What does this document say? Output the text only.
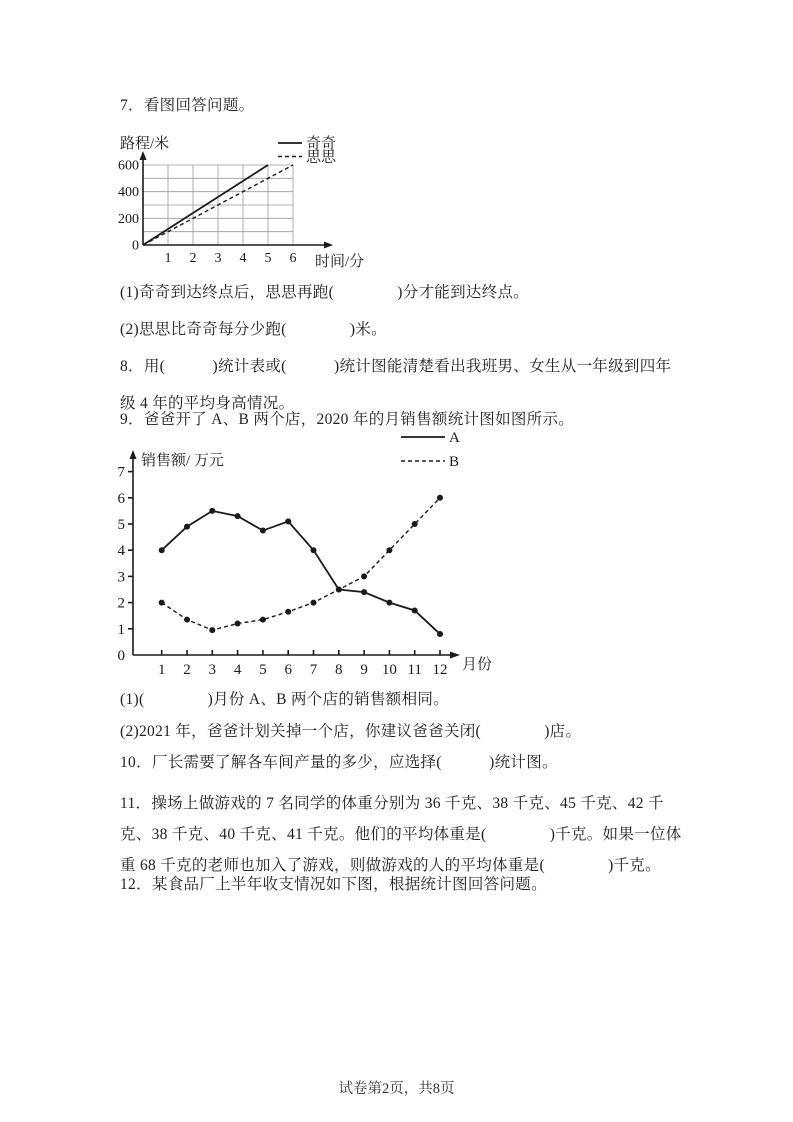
7．看图回答问题。
0
200
400
600
1 2 3 4 5 6
路程/米
时间/分
奇奇
思思
(1)奇奇到达终点后，思思再跑(　　　　)分才能到达终点。
(2)思思比奇奇每分少跑(　　　　)米。
8．用(　　　)统计表或(　　　)统计图能清楚看出我班男、女生从一年级到四年级 4 年的平均身高情况。
9．爸爸开了 A、B 两个店，2020 年的月销售额统计图如图所示。
0
1
2
3
4
5
6
7
1 2 3 4 5 6 7 8 9 10 11 12
销售额/ 万元
月份
A
B
(1)(　　　　)月份 A、B 两个店的销售额相同。
(2)2021 年，爸爸计划关掉一个店，你建议爸爸关闭(　　　　)店。
10．厂长需要了解各车间产量的多少，应选择(　　　)统计图。
11．操场上做游戏的 7 名同学的体重分别为 36 千克、38 千克、45 千克、42 千克、38 千克、40 千克、41 千克。他们的平均体重是(　　　　)千克。如果一位体重 68 千克的老师也加入了游戏，则做游戏的人的平均体重是(　　　　)千克。
12．某食品厂上半年收支情况如下图，根据统计图回答问题。
试卷第2页，共8页
